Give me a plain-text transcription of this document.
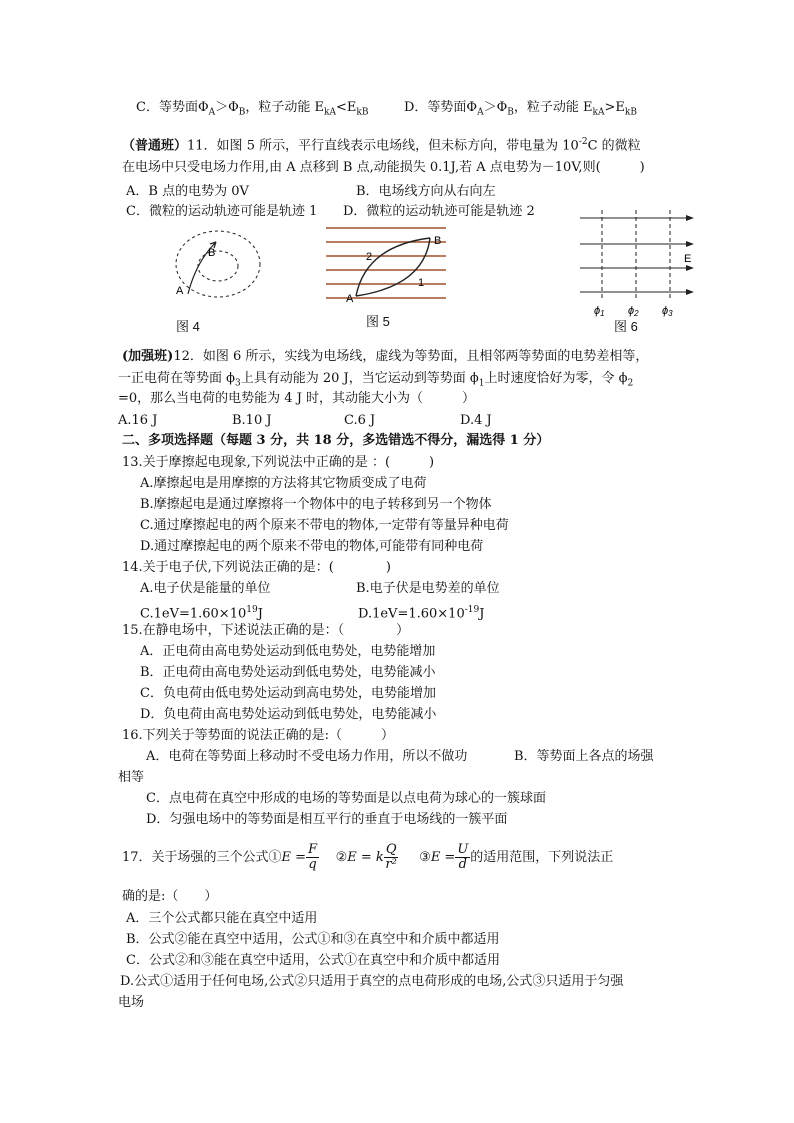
C．等势面$\Phi_A>\Phi_B$，粒子动能 $E_{kA}<E_{kB}$	D．等势面$\Phi_A>\Phi_B$，粒子动能 $E_{kA}>E_{kB}$
（普通班）11．如图 5 所示，平行直线表示电场线，但未标方向，带电量为 $10^{-2}C$ 的微粒
在电场中只受电场力作用,由 A 点移到 B 点,动能损失 0.1J,若 A 点电势为－10V,则(　　　)
A．B 点的电势为 0V	B．电场线方向从右向左
C．微粒的运动轨迹可能是轨迹 1 D．微粒的运动轨迹可能是轨迹 2
B
A
图 4
A
B
2
1
图 5
E
ϕ1 ϕ2 ϕ3
图 6
(加强班)12．如图 6 所示，实线为电场线，虚线为等势面，且相邻两等势面的电势差相等，
一正电荷在等势面 $\phi_3$上具有动能为 20 J，当它运动到等势面 $\phi_1$上时速度恰好为零，令 $\phi_2$
=0，那么当电荷的电势能为 4 J 时，其动能大小为（　　　）
A.16 J	B.10 J	C.6 J	D.4 J
二、多项选择题（每题 3 分，共 18 分，多选错选不得分，漏选得 1 分）
13.关于摩擦起电现象,下列说法中正确的是 ：(　　　)
A.摩擦起电是用摩擦的方法将其它物质变成了电荷
B.摩擦起电是通过摩擦将一个物体中的电子转移到另一个物体
C.通过摩擦起电的两个原来不带电的物体,一定带有等量异种电荷
D.通过摩擦起电的两个原来不带电的物体,可能带有同种电荷
14.关于电子伏,下列说法正确的是：(　　　　)
A.电子伏是能量的单位	B.电子伏是电势差的单位
$C.1eV=1.60\times 10^{19}J$	$D.1eV=1.60\times 10^{-19}J$
15.在静电场中，下述说法正确的是：（　　　　）
A．正电荷由高电势处运动到低电势处，电势能增加
B．正电荷由高电势处运动到低电势处，电势能减小
C．负电荷由低电势处运动到高电势处，电势能增加
D．负电荷由高电势处运动到低电势处，电势能减小
16.下列关于等势面的说法正确的是:（　　　）
A．电荷在等势面上移动时不受电场力作用，所以不做功	B．等势面上各点的场强
相等
C．点电荷在真空中形成的电场的等势面是以点电荷为球心的一簇球面
D．匀强电场中的等势面是相互平行的垂直于电场线的一簇平面
17．关于场强的三个公式①E = $\frac{F}{q}$ ②E = k $\frac{Q}{\text{r²}}$ ③E = $\frac{U}{d}$ 的适用范围，下列说法正
确的是:（　　）
A．三个公式都只能在真空中适用
B．公式②能在真空中适用，公式①和③在真空中和介质中都适用
C．公式②和③能在真空中适用，公式①在真空中和介质中都适用
D.公式①适用于任何电场,公式②只适用于真空的点电荷形成的电场,公式③只适用于匀强
电场
